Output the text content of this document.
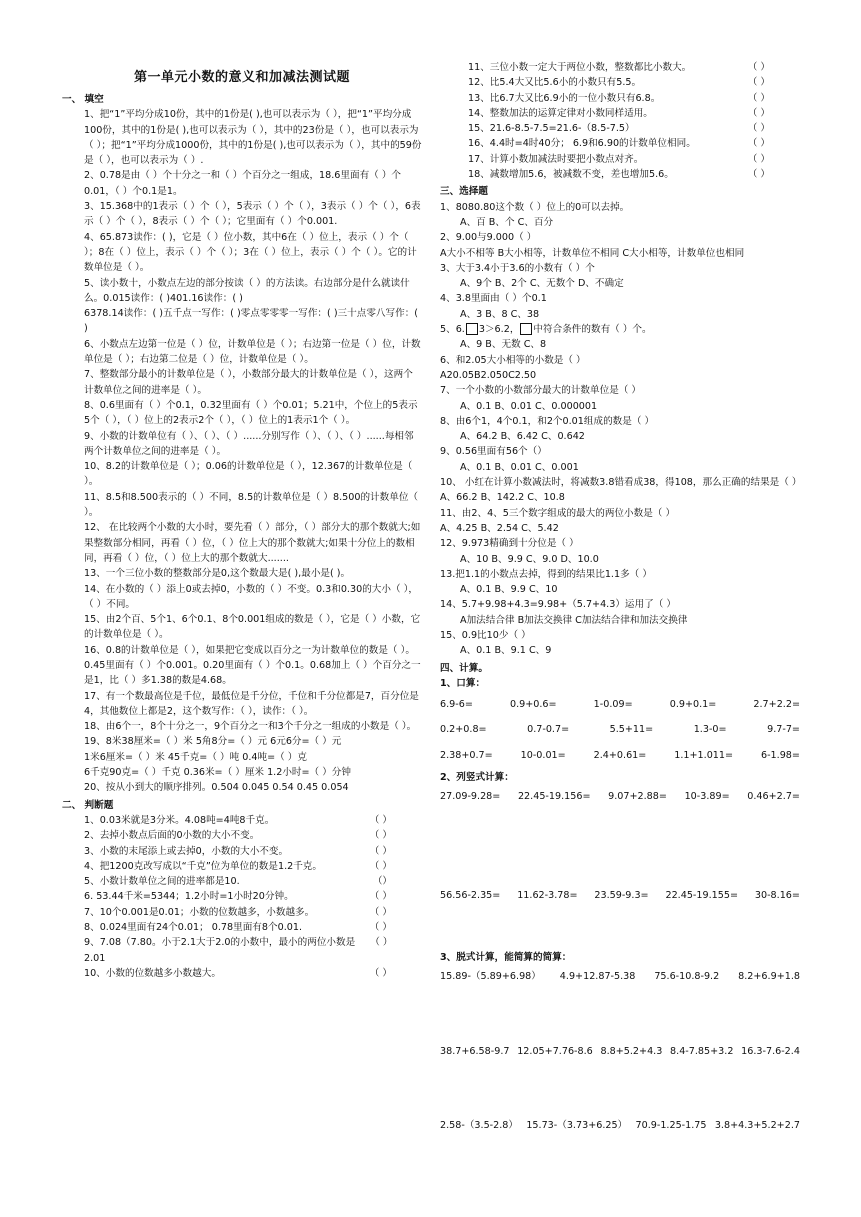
第一单元小数的意义和加减法测试题
一、 填空
1、把“1”平均分成10份，其中的1份是( ),也可以表示为（ ），把“1”平均分成100份，其中的1份是( ),也可以表示为（ ），其中的23份是（ ），也可以表示为（ ）；把“1”平均分成1000份，其中的1份是( ),也可以表示为（ ），其中的59份是（ ），也可以表示为（ ）.
2、0.78是由（ ）个十分之一和（ ）个百分之一组成，18.6里面有（ ）个0.01，（ ）个0.1是1。
3、15.368中的1表示（ ）个（ ），5表示（ ）个（ ），3表示（ ）个（ ），6表示（ ）个（ ），8表示（ ）个（ ）；它里面有（ ）个0.001.
4、65.873读作：( )，它是（ ）位小数，其中6在（ ）位上，表示（ ）个（ ）；8在（ ）位上，表示（ ）个（ ）；3在（ ）位上，表示（ ）个（ ）。它的计数单位是（ ）。
5、读小数十，小数点左边的部分按读（ ）的方法读。右边部分是什么就读什么。0.015读作：( )401.16读作：( )
6378.14读作：( )五千点一写作：( )零点零零零一写作：( )三十点零八写作：( )
6、小数点左边第一位是（ ）位，计数单位是（ ）；右边第一位是（ ）位，计数单位是（ ）；右边第二位是（ ）位，计数单位是（ ）。
7、整数部分最小的计数单位是（ ），小数部分最大的计数单位是（ ），这两个计数单位之间的进率是（ ）。
8、0.6里面有（ ）个0.1，0.32里面有（ ）个0.01；5.21中，个位上的5表示5个（ ），（ ）位上的2表示2个（ ），（ ）位上的1表示1个（ ）。
9、小数的计数单位有（ ）、（ ）、（ ）......分别写作（ ）、（ ）、（ ）......每相邻两个计数单位之间的进率是（ ）。
10、8.2的计数单位是（ ）；0.06的计数单位是（ ），12.367的计数单位是（ ）。
11、8.5和8.500表示的（ ）不同，8.5的计数单位是（ ）8.500的计数单位（ ）。
12、 在比较两个小数的大小时，要先看（ ）部分，（ ）部分大的那个数就大;如果整数部分相同，再看（ ）位，（ ）位上大的那个数就大;如果十分位上的数相同，再看（ ）位，（ ）位上大的那个数就大.......
13、一个三位小数的整数部分是0,这个数最大是( ),最小是( )。
14、在小数的（ ）添上0或去掉0，小数的（ ）不变。0.3和0.30的大小（ ），（ ）不同。
15、由2个百、5个1、6个0.1、8个0.001组成的数是（ ），它是（ ）小数，它的计数单位是（ ）。
16、0.8的计数单位是（ ），如果把它变成以百分之一为计数单位的数是（ ）。0.45里面有（ ）个0.001。0.20里面有（ ）个0.1。0.68加上（ ）个百分之一是1，比（ ）多1.38的数是4.68。
17、有一个数最高位是千位，最低位是千分位，千位和千分位都是7，百分位是4，其他数位上都是2，这个数写作：（ ），读作：（ ）。
18、由6个一，8个十分之一，9个百分之一和3个千分之一组成的小数是（ ）。
19、8米38厘米=（ ）米 5角8分=（ ）元 6元6分=（ ）元
1米6厘米=（ ）米 45千克=（ ）吨 0.4吨=（ ）克
6千克90克=（ ）千克 0.36米=（ ）厘米 1.2小时=（ ）分钟
20、按从小到大的顺序排列。0.504 0.045 0.54 0.45 0.054
二、 判断题
1、0.03米就是3分米。4.08吨=4吨8千克。	（ ）
2、去掉小数点后面的0小数的大小不变。	（ ）
3、小数的末尾添上或去掉0，小数的大小不变。	（ ）
4、把1200克改写成以“千克”位为单位的数是1.2千克。	（ ）
5、小数计数单位之间的进率都是10.	（）
6. 53.44千米=5344；1.2小时=1小时20分钟。	（ ）
7、10个0.001是0.01；小数的位数越多，小数越多。	（ ）
8、0.024里面有24个0.01； 0.78里面有8个0.01.	（ ）
9、7.08（7.80。小于2.1大于2.0的小数中，最小的两位小数是2.01
（ ）
10、小数的位数越多小数越大。	（ ）
11、三位小数一定大于两位小数，整数都比小数大。	（ ）
12、比5.4大又比5.6小的小数只有5.5。	（ ）
13、比6.7大又比6.9小的一位小数只有6.8。	（ ）
14、整数加法的运算定律对小数同样适用。	（ ）
15、21.6-8.5-7.5=21.6-（8.5-7.5）	（ ）
16、4.4时=4时40分； 6.9和6.90的计数单位相同。	（ ）
17、计算小数加减法时要把小数点对齐。	（ ）
18、减数增加5.6，被减数不变，差也增加5.6。	（ ）
三、选择题
1、8080.80这个数（ ）位上的0可以去掉。
A、百 B、个 C、百分
2、9.00与9.000（ ）
A大小不相等 B大小相等，计数单位不相同 C大小相等，计数单位也相同
3、大于3.4小于3.6的小数有（ ）个
A、9个 B、2个 C、无数个 D、不确定
4、3.8里面由（ ）个0.1
A、3 B、8 C、38
5、6. 3＞6.2， 中符合条件的数有（ ）个。
A、9 B、无数 C、8
6、和2.05大小相等的小数是（ ）
A20.05B2.050C2.50
7、一个小数的小数部分最大的计数单位是（ ）
A、0.1 B、0.01 C、0.000001
8、由6个1，4个0.1，和2个0.01组成的数是（ ）
A、64.2 B、6.42 C、0.642
9、0.56里面有56个（）
A、0.1 B、0.01 C、0.001
10、 小红在计算小数减法时，将减数3.8错看成38，得108，那么正确的结果是（ ）
A、66.2 B、142.2 C、10.8
11、由2、4、5三个数字组成的最大的两位小数是（ ）
A、4.25 B、2.54 C、5.42
12、9.973精确到十分位是（ ）
A、10 B、9.9 C、9.0 D、10.0
13.把1.1的小数点去掉，得到的结果比1.1多（ ）
A、0.1 B、9.9 C、10
14、5.7+9.98+4.3=9.98+（5.7+4.3）运用了（ ）
A加法结合律 B加法交换律 C加法结合律和加法交换律
15、0.9比10少（ ）
A、0.1 B、9.1 C、9
四、计算。
1、口算：
6.9-6=	0.9+0.6=	1-0.09=	0.9+0.1=	2.7+2.2=
0.2+0.8=	0.7-0.7=	5.5+11=	1.3-0=	9.7-7=
2.38+0.7=	10-0.01=	2.4+0.61=	1.1+1.011=	6-1.98=
2、列竖式计算：
27.09-9.28= 22.45-19.156= 9.07+2.88= 10-3.89= 0.46+2.7=
56.56-2.35= 11.62-3.78= 23.59-9.3= 22.45-19.155= 30-8.16=
3、脱式计算，能简算的简算：
15.89-（5.89+6.98） 4.9+12.87-5.38 75.6-10.8-9.2 8.2+6.9+1.8
38.7+6.58-9.7 12.05+7.76-8.6 8.8+5.2+4.3 8.4-7.85+3.2 16.3-7.6-2.4
2.58-（3.5-2.8） 15.73-（3.73+6.25） 70.9-1.25-1.75 3.8+4.3+5.2+2.7
